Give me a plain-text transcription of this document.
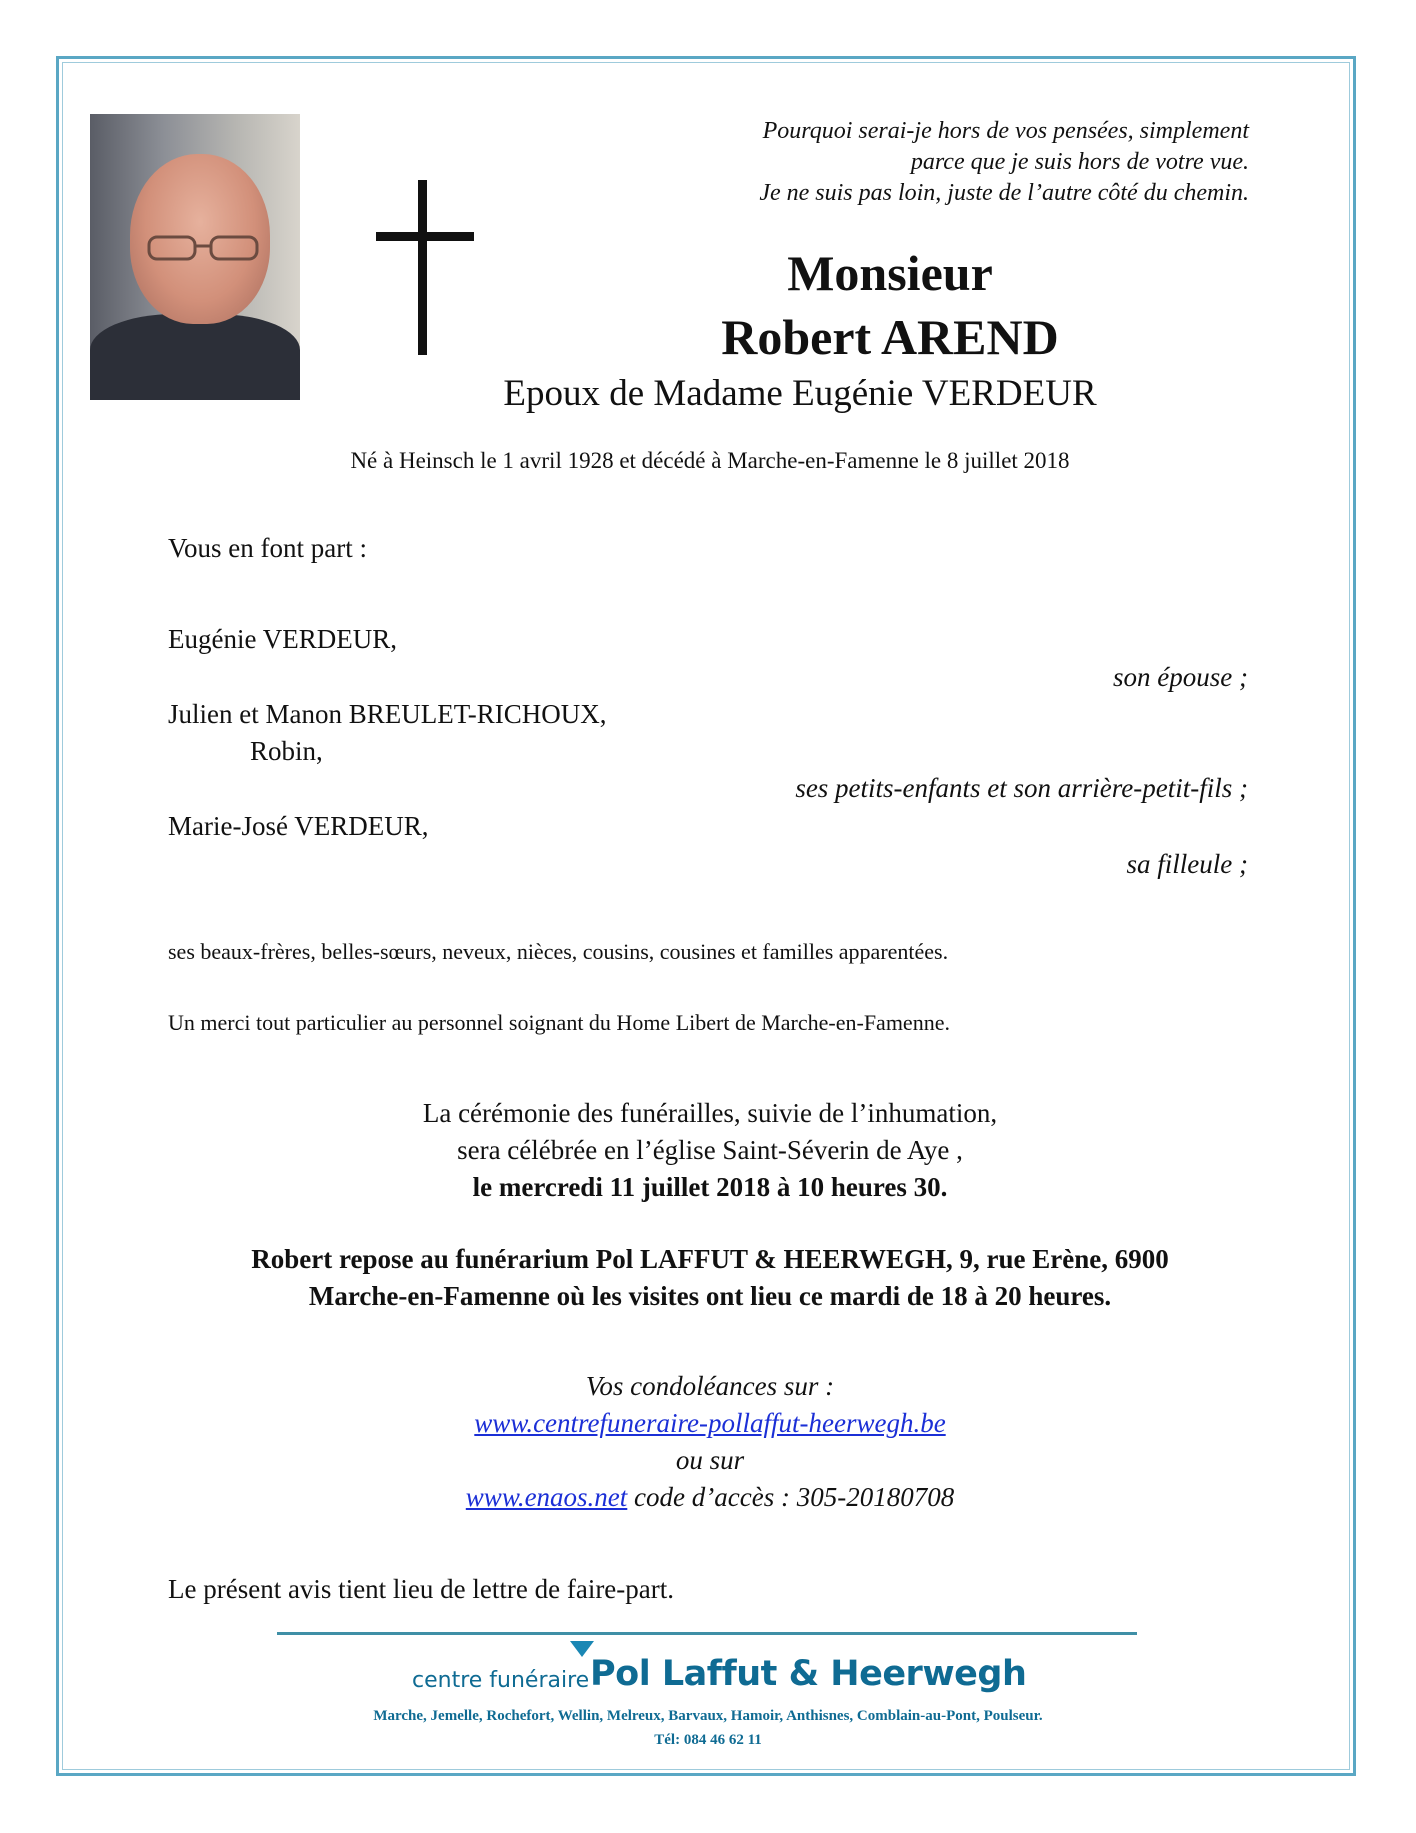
Pourquoi serai-je hors de vos pensées, simplement
parce que je suis hors de votre vue.
Je ne suis pas loin, juste de l’autre côté du chemin.
Monsieur
Robert AREND
Epoux de Madame Eugénie VERDEUR
Né à Heinsch le 1 avril 1928 et décédé à Marche-en-Famenne le 8 juillet 2018
Vous en font part :
Eugénie VERDEUR,
son épouse ;
Julien et Manon BREULET-RICHOUX,
Robin,
ses petits-enfants et son arrière-petit-fils ;
Marie-José VERDEUR,
sa filleule ;
ses beaux-frères, belles-sœurs, neveux, nièces, cousins, cousines et familles apparentées.
Un merci tout particulier au personnel soignant du Home Libert de Marche-en-Famenne.
La cérémonie des funérailles, suivie de l’inhumation,
sera célébrée en l’église Saint-Séverin de Aye ,
le mercredi 11 juillet 2018 à 10 heures 30.
Robert repose au funérarium Pol LAFFUT & HEERWEGH, 9, rue Erène, 6900
Marche-en-Famenne où les visites ont lieu ce mardi de 18 à 20 heures.
Vos condoléances sur :
www.centrefuneraire-pollaffut-heerwegh.be
ou sur
www.enaos.net code d’accès : 305-20180708
Le présent avis tient lieu de lettre de faire-part.
centre funéraire Pol Laffut & Heerwegh
Marche, Jemelle, Rochefort, Wellin, Melreux, Barvaux, Hamoir, Anthisnes, Comblain-au-Pont, Poulseur.
Tél: 084 46 62 11
